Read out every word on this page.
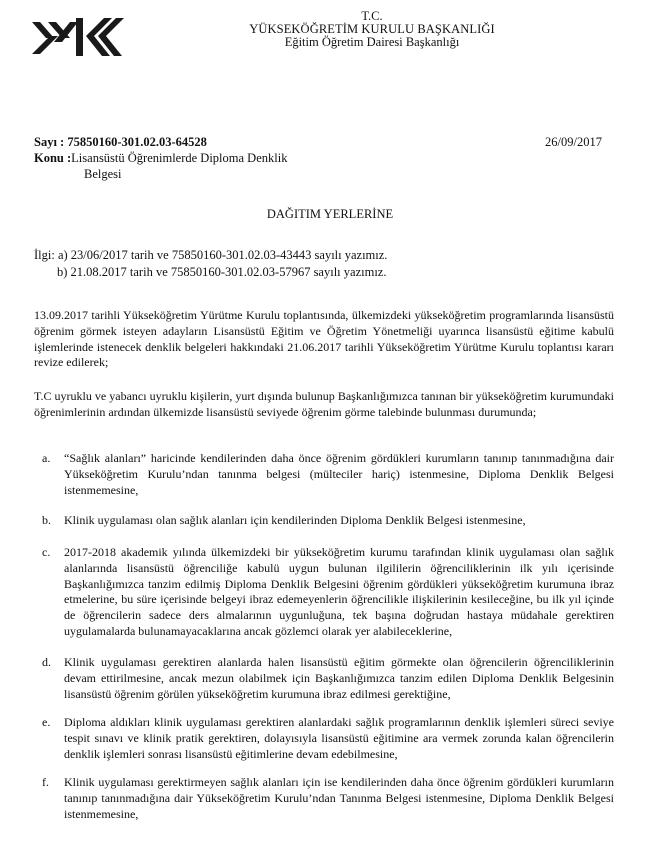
T.C.
YÜKSEKÖĞRETİM KURULU BAŞKANLIĞI
Eğitim Öğretim Dairesi Başkanlığı
Sayı : 75850160-301.02.03-64528	26/09/2017
Konu :Lisansüstü Öğrenimlerde Diploma Denklik
Belgesi
DAĞITIM YERLERİNE
İlgi: a) 23/06/2017 tarih ve 75850160-301.02.03-43443 sayılı yazımız.
b) 21.08.2017 tarih ve 75850160-301.02.03-57967 sayılı yazımız.
13.09.2017 tarihli Yükseköğretim Yürütme Kurulu toplantısında, ülkemizdeki yükseköğretim programlarında lisansüstü öğrenim görmek isteyen adayların Lisansüstü Eğitim ve Öğretim Yönetmeliği uyarınca lisansüstü eğitime kabulü işlemlerinde istenecek denklik belgeleri hakkındaki 21.06.2017 tarihli Yükseköğretim Yürütme Kurulu toplantısı kararı revize edilerek;
T.C uyruklu ve yabancı uyruklu kişilerin, yurt dışında bulunup Başkanlığımızca tanınan bir yükseköğretim kurumundaki öğrenimlerinin ardından ülkemizde lisansüstü seviyede öğrenim görme talebinde bulunması durumunda;
a.	“Sağlık alanları” haricinde kendilerinden daha önce öğrenim gördükleri kurumların tanınıp tanınmadığına dair Yükseköğretim Kurulu’ndan tanınma belgesi (mülteciler hariç) istenmesine, Diploma Denklik Belgesi istenmemesine,
b.	Klinik uygulaması olan sağlık alanları için kendilerinden Diploma Denklik Belgesi istenmesine,
c.	2017-2018 akademik yılında ülkemizdeki bir yükseköğretim kurumu tarafından klinik uygulaması olan sağlık alanlarında lisansüstü öğrenciliğe kabulü uygun bulunan ilgililerin öğrenciliklerinin ilk yılı içerisinde Başkanlığımızca tanzim edilmiş Diploma Denklik Belgesini öğrenim gördükleri yükseköğretim kurumuna ibraz etmelerine, bu süre içerisinde belgeyi ibraz edemeyenlerin öğrencilikle ilişkilerinin kesileceğine, bu ilk yıl içinde de öğrencilerin sadece ders almalarının uygunluğuna, tek başına doğrudan hastaya müdahale gerektiren uygulamalarda bulunamayacaklarına ancak gözlemci olarak yer alabileceklerine,
d.	Klinik uygulaması gerektiren alanlarda halen lisansüstü eğitim görmekte olan öğrencilerin öğrenciliklerinin devam ettirilmesine, ancak mezun olabilmek için Başkanlığımızca tanzim edilen Diploma Denklik Belgesinin lisansüstü öğrenim görülen yükseköğretim kurumuna ibraz edilmesi gerektiğine,
e.	Diploma aldıkları klinik uygulaması gerektiren alanlardaki sağlık programlarının denklik işlemleri süreci seviye tespit sınavı ve klinik pratik gerektiren, dolayısıyla lisansüstü eğitimine ara vermek zorunda kalan öğrencilerin denklik işlemleri sonrası lisansüstü eğitimlerine devam edebilmesine,
f.	Klinik uygulaması gerektirmeyen sağlık alanları için ise kendilerinden daha önce öğrenim gördükleri kurumların tanınıp tanınmadığına dair Yükseköğretim Kurulu’ndan Tanınma Belgesi istenmesine, Diploma Denklik Belgesi istenmemesine,
